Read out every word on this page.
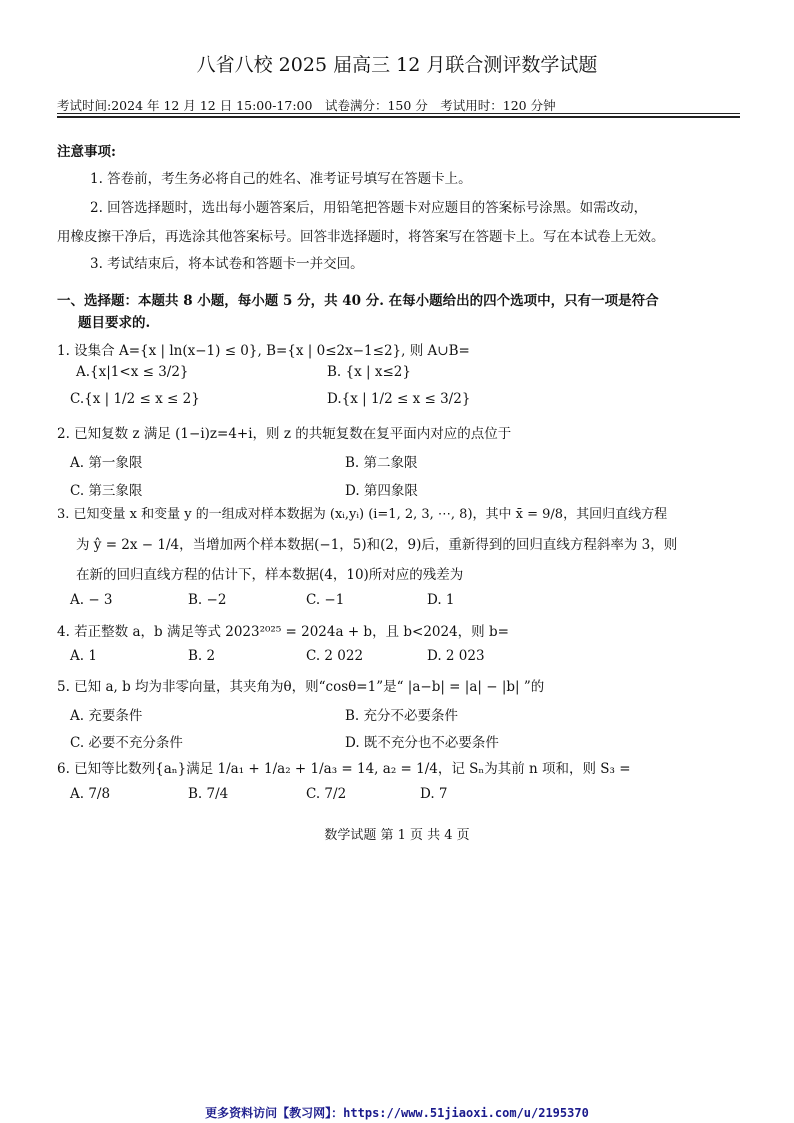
八省八校 2025 届高三 12 月联合测评数学试题
考试时间:2024 年 12 月 12 日 15:00-17:00　试卷满分：150 分　考试用时：120 分钟
注意事项:
1. 答卷前，考生务必将自己的姓名、准考证号填写在答题卡上。
2. 回答选择题时，选出每小题答案后，用铅笔把答题卡对应题目的答案标号涂黑。如需改动，
用橡皮擦干净后，再选涂其他答案标号。回答非选择题时，将答案写在答题卡上。写在本试卷上无效。
3. 考试结束后，将本试卷和答题卡一并交回。
一、选择题：本题共 8 小题，每小题 5 分，共 40 分. 在每小题给出的四个选项中，只有一项是符合
题目要求的.
1. 设集合 A={x | ln(x−1) ≤ 0}, B={x | 0≤2x−1≤2}, 则 A∪B=
A.{x|1<x ≤ 3/2}	B. {x | x≤2}
C.{x | 1/2 ≤ x ≤ 2}	D.{x | 1/2 ≤ x ≤ 3/2}
2. 已知复数 z 满足 (1−i)z=4+i，则 z 的共轭复数在复平面内对应的点位于
A. 第一象限	B. 第二象限
C. 第三象限	D. 第四象限
3. 已知变量 x 和变量 y 的一组成对样本数据为 (xᵢ,yᵢ) (i=1, 2, 3, ⋯, 8)，其中 x̄ = 9/8，其回归直线方程
为 ŷ = 2x − 1/4，当增加两个样本数据(−1，5)和(2，9)后，重新得到的回归直线方程斜率为 3，则
在新的回归直线方程的估计下，样本数据(4，10)所对应的残差为
A. − 3	B. −2	C. −1	D. 1
4. 若正整数 a，b 满足等式 2023²⁰²⁵ = 2024a + b，且 b<2024，则 b=
A. 1	B. 2	C. 2 022	D. 2 023
5. 已知 a, b 均为非零向量，其夹角为θ，则“cosθ=1”是“ |a−b| = |a| − |b| ”的
A. 充要条件	B. 充分不必要条件
C. 必要不充分条件	D. 既不充分也不必要条件
6. 已知等比数列{aₙ}满足 1/a₁ + 1/a₂ + 1/a₃ = 14, a₂ = 1/4，记 Sₙ为其前 n 项和，则 S₃ =
A. 7/8	B. 7/4	C. 7/2	D. 7
数学试题 第 1 页 共 4 页
更多资料访问【教习网】：https://www.51jiaoxi.com/u/2195370
